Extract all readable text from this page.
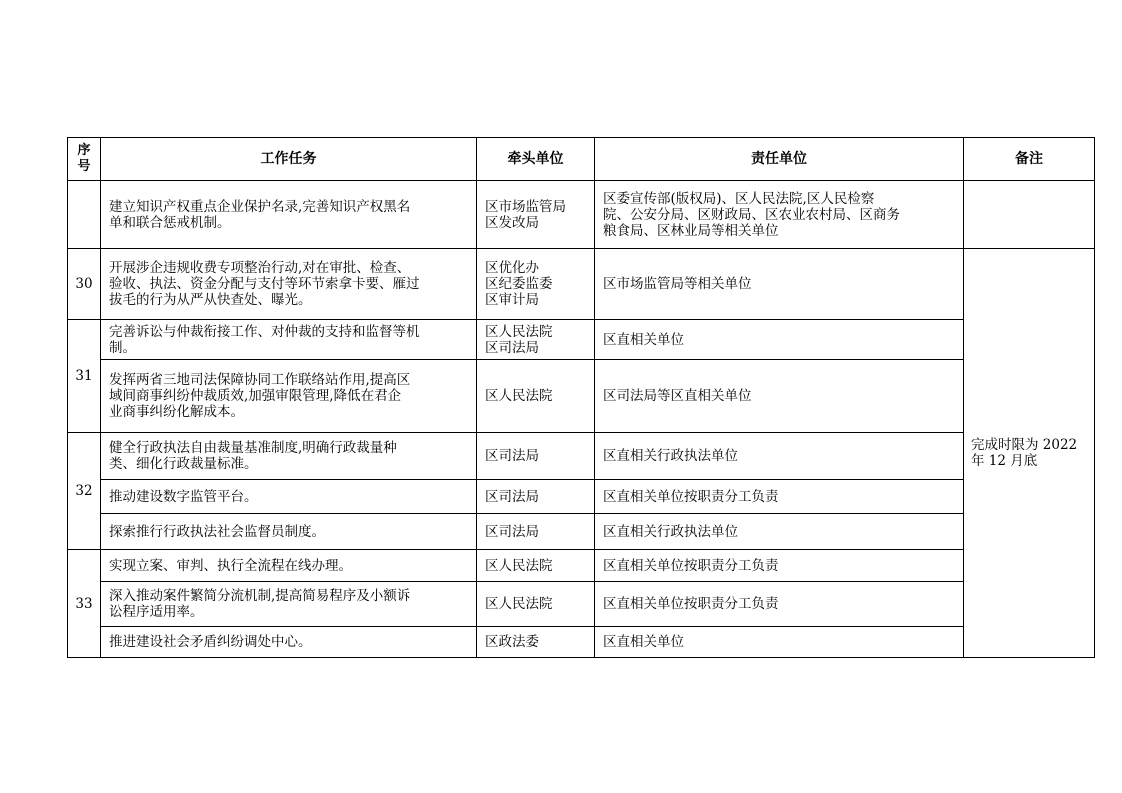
序
号	工作任务	牵头单位	责任单位	备注
	建立知识产权重点企业保护名录,完善知识产权黑名
单和联合惩戒机制。	区市场监管局
区发改局	区委宣传部(版权局)、区人民法院,区人民检察
院、公安分局、区财政局、区农业农村局、区商务
粮食局、区林业局等相关单位	
30	开展涉企违规收费专项整治行动,对在审批、检查、
验收、执法、资金分配与支付等环节索拿卡要、雁过
拔毛的行为从严从快查处、曝光。	区优化办
区纪委监委
区审计局	区市场监管局等相关单位	完成时限为 2022
年 12 月底
31	完善诉讼与仲裁衔接工作、对仲裁的支持和监督等机
制。	区人民法院
区司法局	区直相关单位	
	发挥两省三地司法保障协同工作联络站作用,提高区
域间商事纠纷仲裁质效,加强审限管理,降低在君企
业商事纠纷化解成本。	区人民法院	区司法局等区直相关单位	
32	健全行政执法自由裁量基准制度,明确行政裁量种
类、细化行政裁量标准。	区司法局	区直相关行政执法单位	
	推动建设数字监管平台。	区司法局	区直相关单位按职责分工负责	
	探索推行行政执法社会监督员制度。	区司法局	区直相关行政执法单位	
33	实现立案、审判、执行全流程在线办理。	区人民法院	区直相关单位按职责分工负责	
	深入推动案件繁简分流机制,提高简易程序及小额诉
讼程序适用率。	区人民法院	区直相关单位按职责分工负责	
	推进建设社会矛盾纠纷调处中心。	区政法委	区直相关单位	
